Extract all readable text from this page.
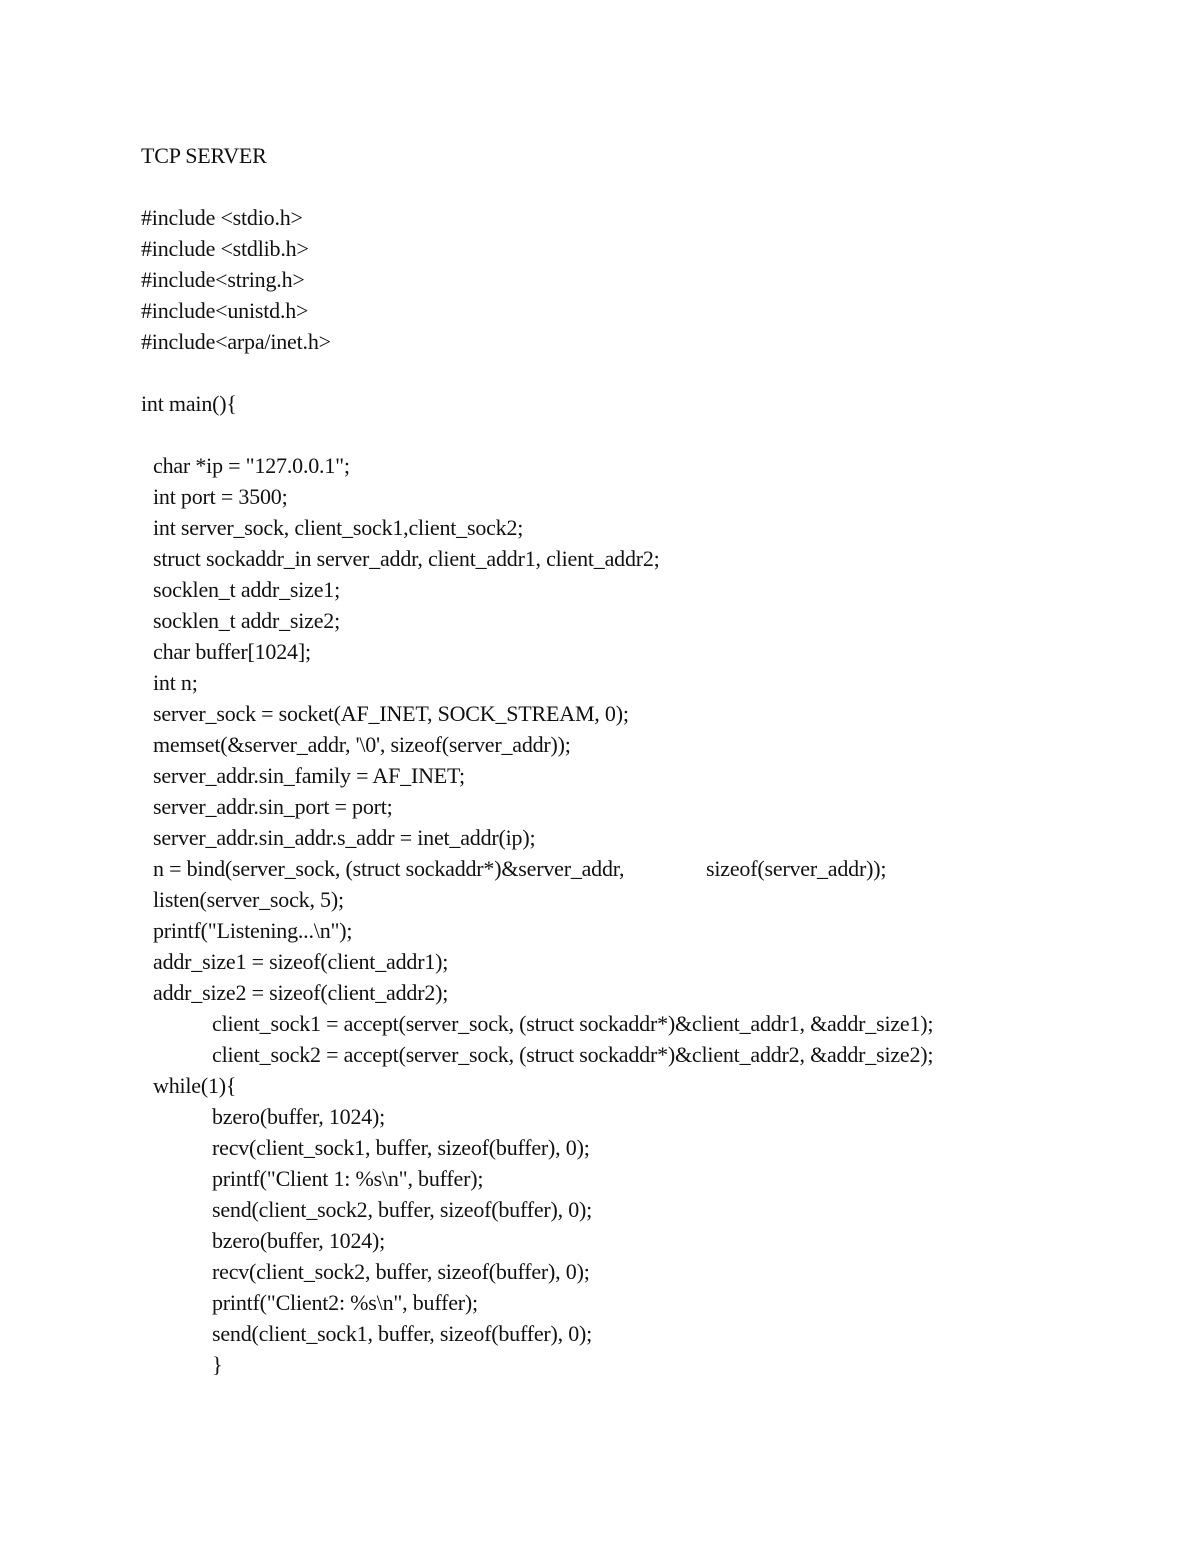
TCP SERVER
#include <stdio.h>
#include <stdlib.h>
#include<string.h>
#include<unistd.h>
#include<arpa/inet.h>
int main(){
char *ip = "127.0.0.1";
int port = 3500;
int server_sock, client_sock1,client_sock2;
struct sockaddr_in server_addr, client_addr1, client_addr2;
socklen_t addr_size1;
socklen_t addr_size2;
char buffer[1024];
int n;
server_sock = socket(AF_INET, SOCK_STREAM, 0);
memset(&server_addr, '\0', sizeof(server_addr));
server_addr.sin_family = AF_INET;
server_addr.sin_port = port;
server_addr.sin_addr.s_addr = inet_addr(ip);
n = bind(server_sock, (struct sockaddr*)&server_addr,	sizeof(server_addr));
listen(server_sock, 5);
printf("Listening...\n");
addr_size1 = sizeof(client_addr1);
addr_size2 = sizeof(client_addr2);
client_sock1 = accept(server_sock, (struct sockaddr*)&client_addr1, &addr_size1);
client_sock2 = accept(server_sock, (struct sockaddr*)&client_addr2, &addr_size2);
while(1){
bzero(buffer, 1024);
recv(client_sock1, buffer, sizeof(buffer), 0);
printf("Client 1: %s\n", buffer);
send(client_sock2, buffer, sizeof(buffer), 0);
bzero(buffer, 1024);
recv(client_sock2, buffer, sizeof(buffer), 0);
printf("Client2: %s\n", buffer);
send(client_sock1, buffer, sizeof(buffer), 0);
}
